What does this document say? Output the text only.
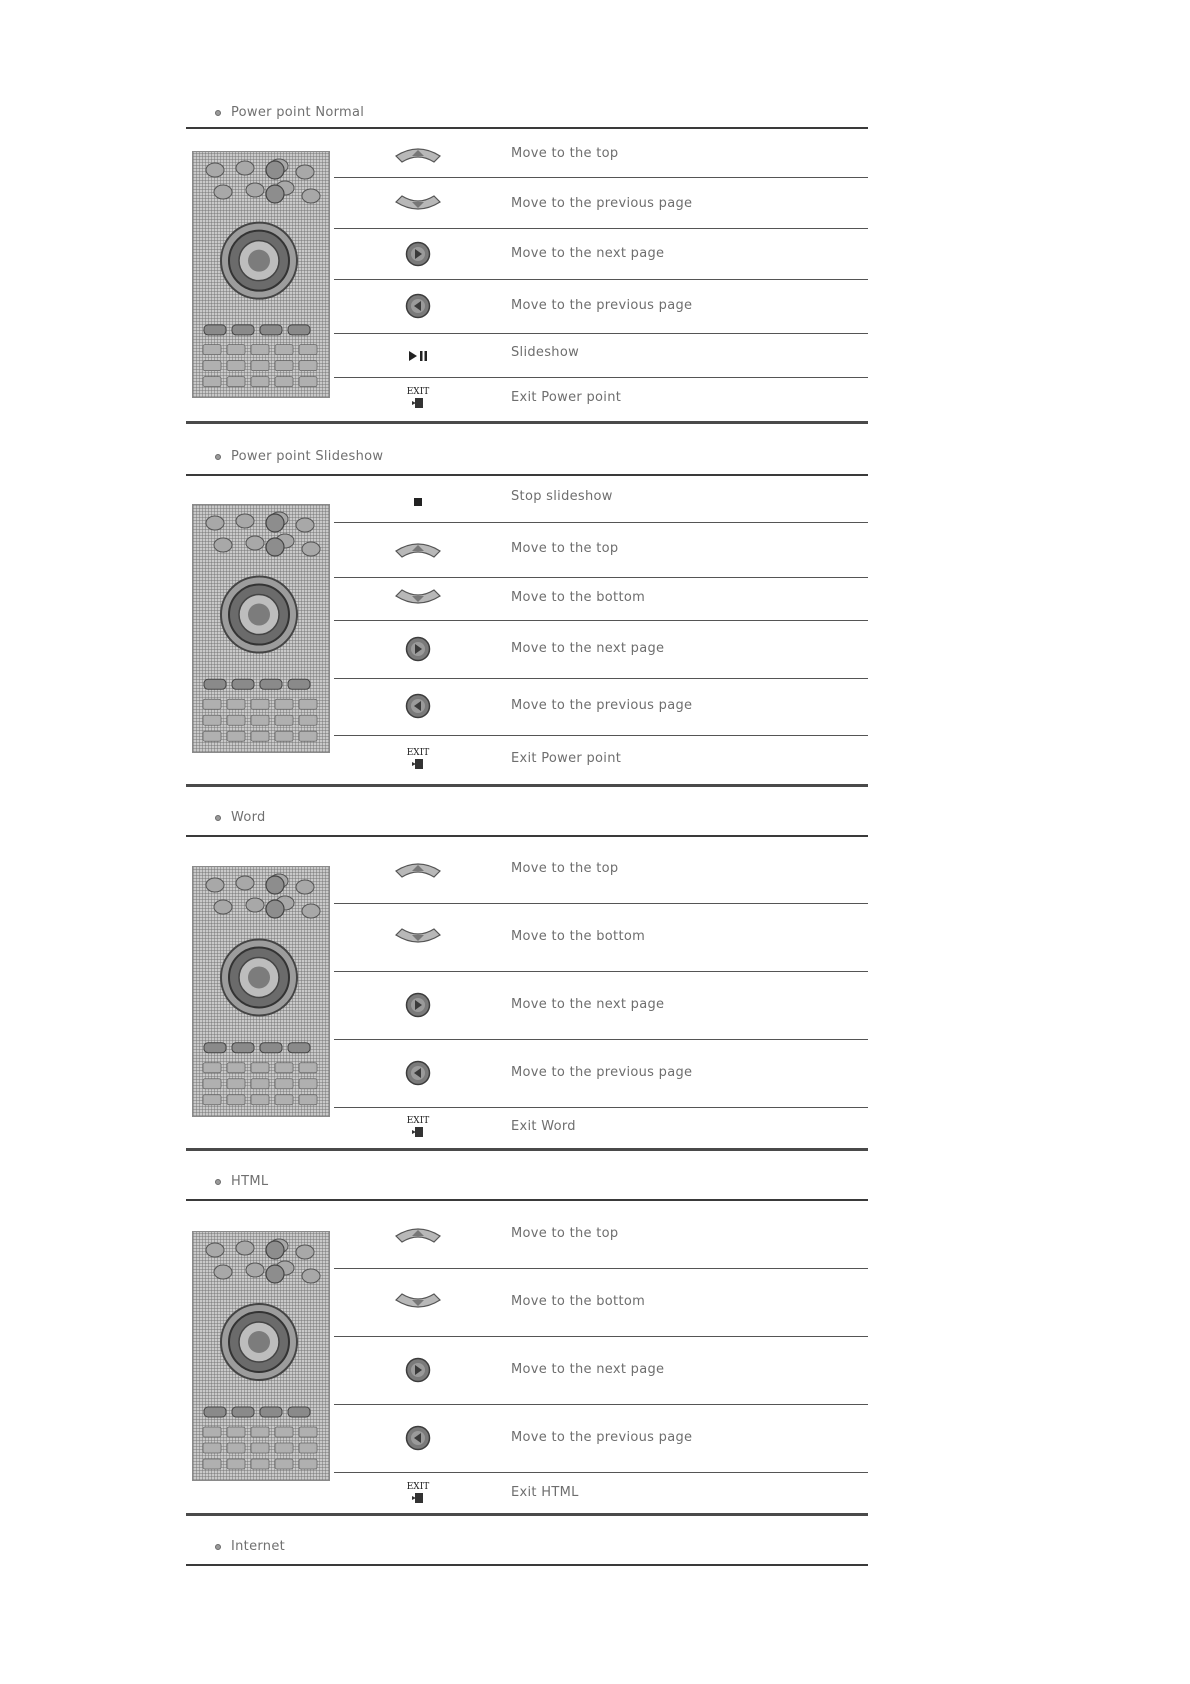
Power point Normal
Move to the top
Move to the previous page
Move to the next page
Move to the previous page
Slideshow
EXIT	Exit Power point
Power point Slideshow
Stop slideshow
Move to the top
Move to the bottom
Move to the next page
Move to the previous page
EXIT	Exit Power point
Word
Move to the top
Move to the bottom
Move to the next page
Move to the previous page
EXIT	Exit Word
HTML
Move to the top
Move to the bottom
Move to the next page
Move to the previous page
EXIT	Exit HTML
Internet
